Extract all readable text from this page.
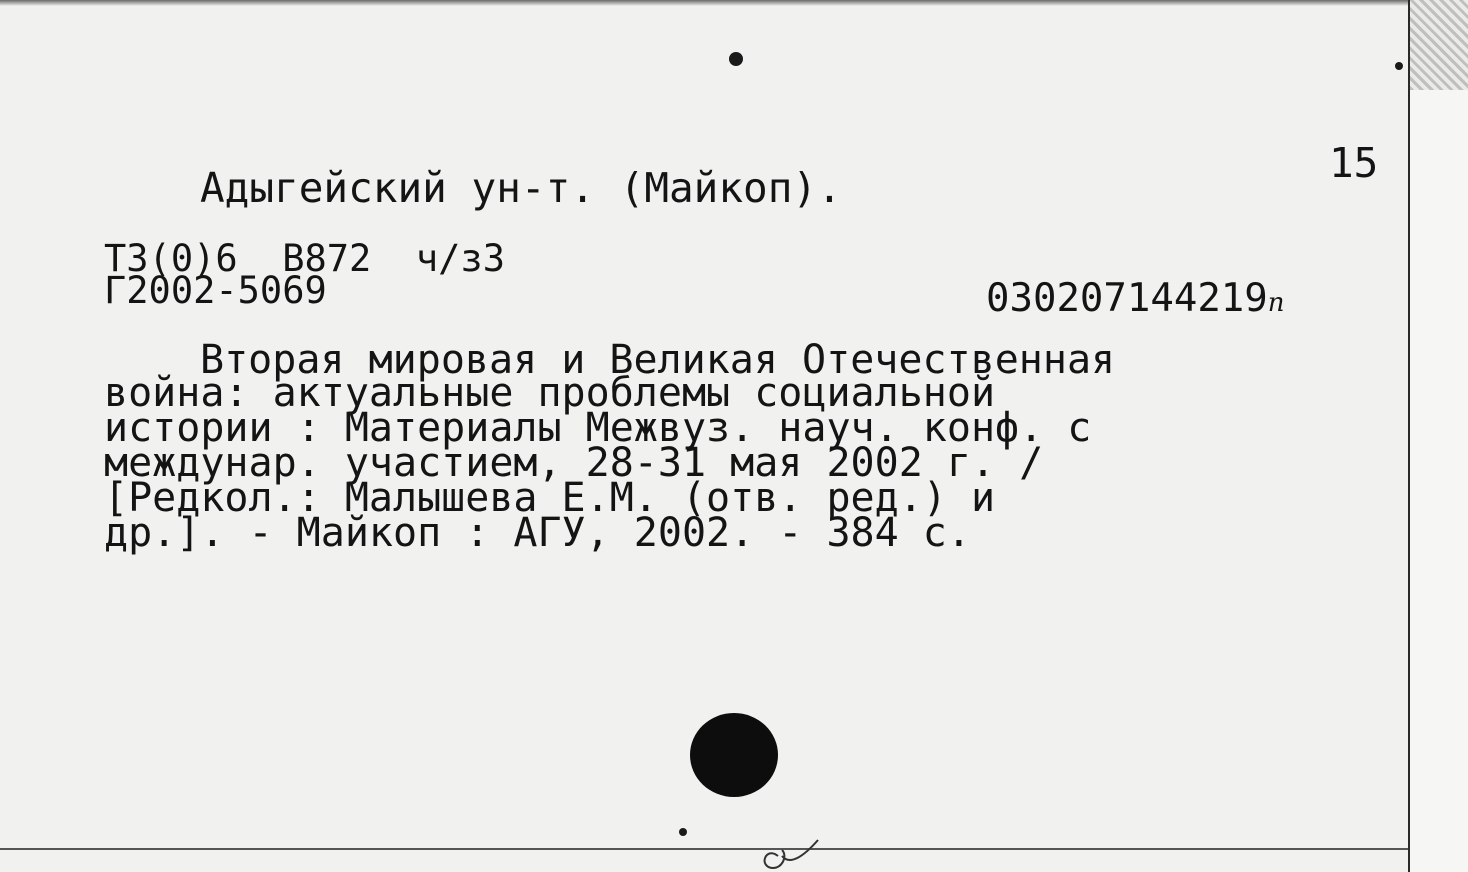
Адыгейский ун-т. (Майкоп).
15
Т3(0)6  В872  ч/з3
Г2002-5069	030207144219п
Вторая мировая и Великая Отечественная
война: актуальные проблемы социальной
истории : Материалы Межвуз. науч. конф. с
междунар. участием, 28-31 мая 2002 г. /
[Редкол.: Малышева Е.М. (отв. ред.) и
др.]. - Майкоп : АГУ, 2002. - 384 с.
